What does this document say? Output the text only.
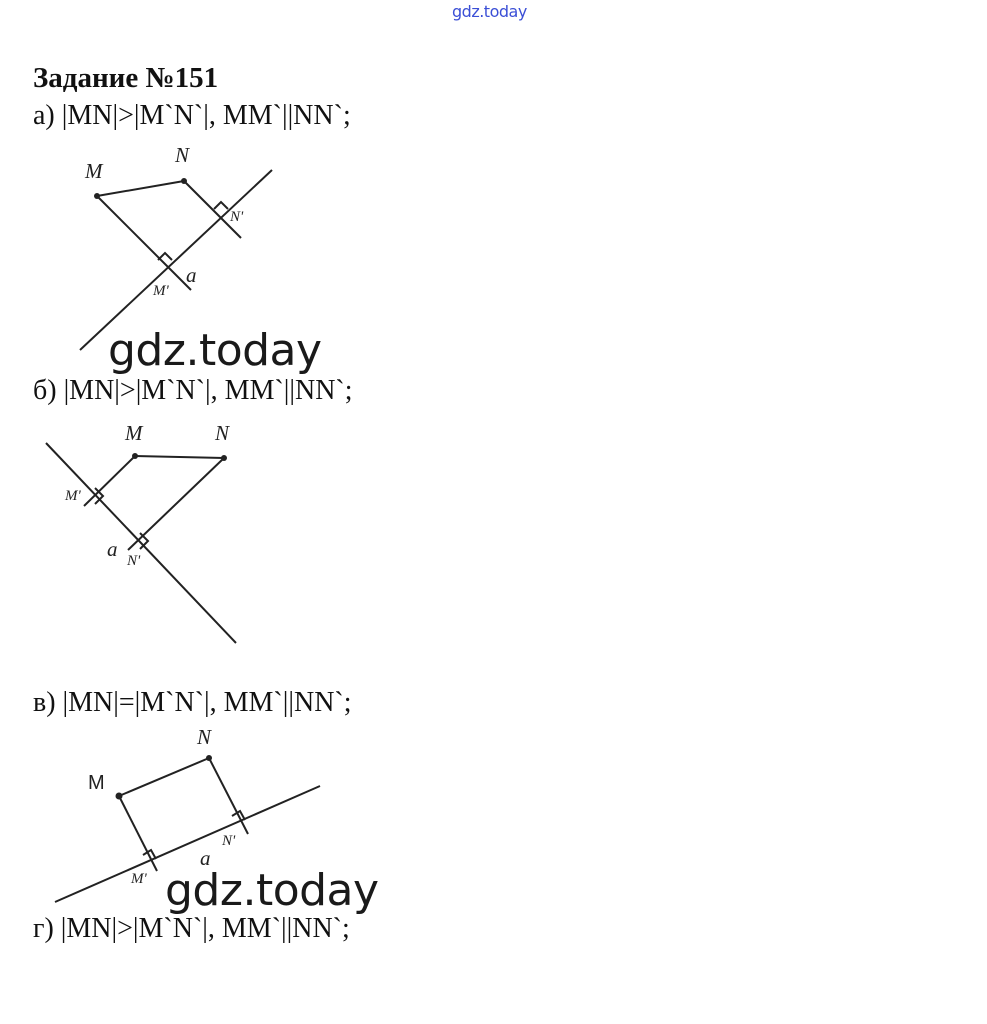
gdz.today
Задание №151
а) |MN|>|M`N`|, MM`||NN`;
б) |MN|>|M`N`|, MM`||NN`;
в) |MN|=|M`N`|, MM`||NN`;
г) |MN|>|M`N`|, MM`||NN`;
M
N
N'
M'
a
M	N
M'
a N'
M
N
N'
a
M'
gdz.today
gdz.today
